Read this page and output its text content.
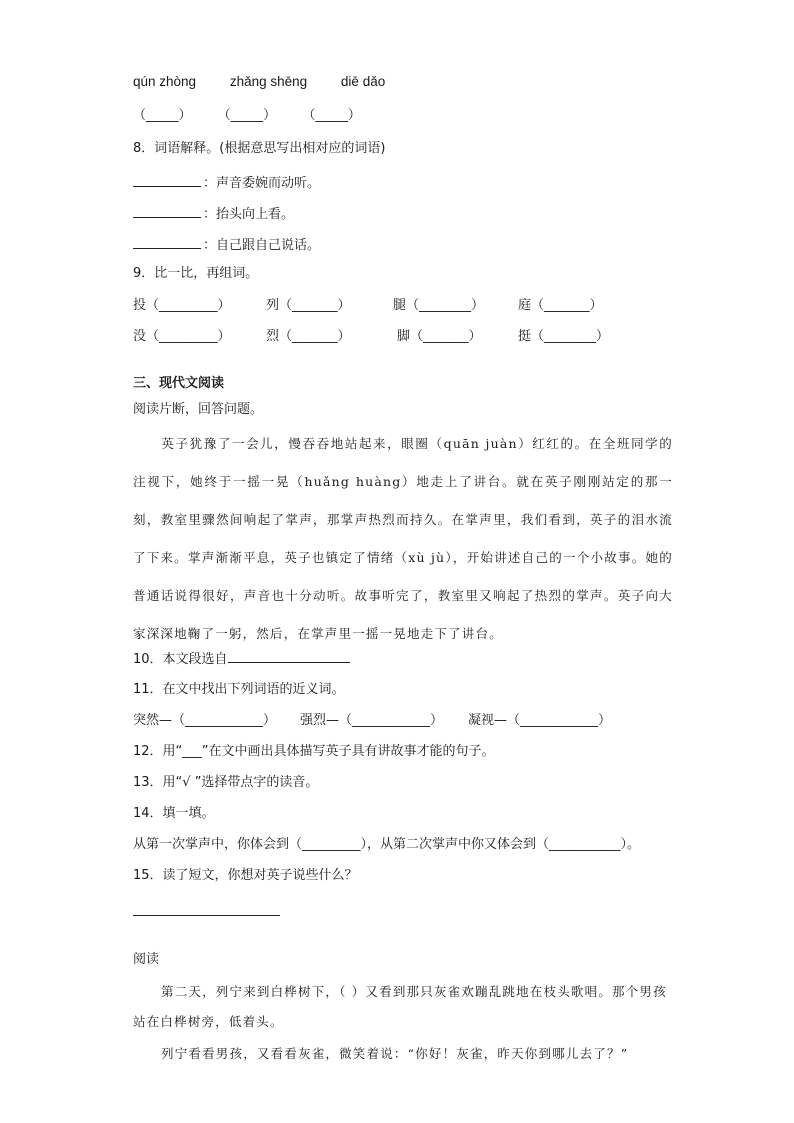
qún zhòng	zhǎng shēng	diē dǎo
（_____） （_____） （_____）
8．词语解释。(根据意思写出相对应的词语)
：声音委婉而动听。
：抬头向上看。
：自己跟自己说话。
9．比一比，再组词。
投（_________）	列（_______）	腿（________）	庭（_______）
没（_________）	烈（_______）	脚（_______）	挺（________）
三、现代文阅读
阅读片断，回答问题。
英子犹豫了一会儿，慢吞吞地站起来，眼圈（quān juàn）红红的。在全班同学的注视下，她终于一摇一晃（huǎng huàng）地走上了讲台。就在英子刚刚站定的那一刻，教室里骤然间响起了掌声，那掌声热烈而持久。在掌声里，我们看到，英子的泪水流了下来。掌声渐渐平息，英子也镇定了情绪（xù jù），开始讲述自己的一个小故事。她的普通话说得很好，声音也十分动听。故事听完了，教室里又响起了热烈的掌声。英子向大家深深地鞠了一躬，然后，在掌声里一摇一晃地走下了讲台。
10．本文段选自
11．在文中找出下列词语的近义词。
突然—（____________） 强烈—（____________） 凝视—（____________）
12．用“___”在文中画出具体描写英子具有讲故事才能的句子。
13．用“√ ”选择带点字的读音。
14．填一填。
从第一次掌声中，你体会到（_________），从第二次掌声中你又体会到（___________）。
15．读了短文，你想对英子说些什么？
阅读
第二天，列宁来到白桦树下，（ ）又看到那只灰雀欢蹦乱跳地在枝头歌唱。那个男孩站在白桦树旁，低着头。
列宁看看男孩，又看看灰雀，微笑着说：“你好！灰雀，昨天你到哪儿去了？”
